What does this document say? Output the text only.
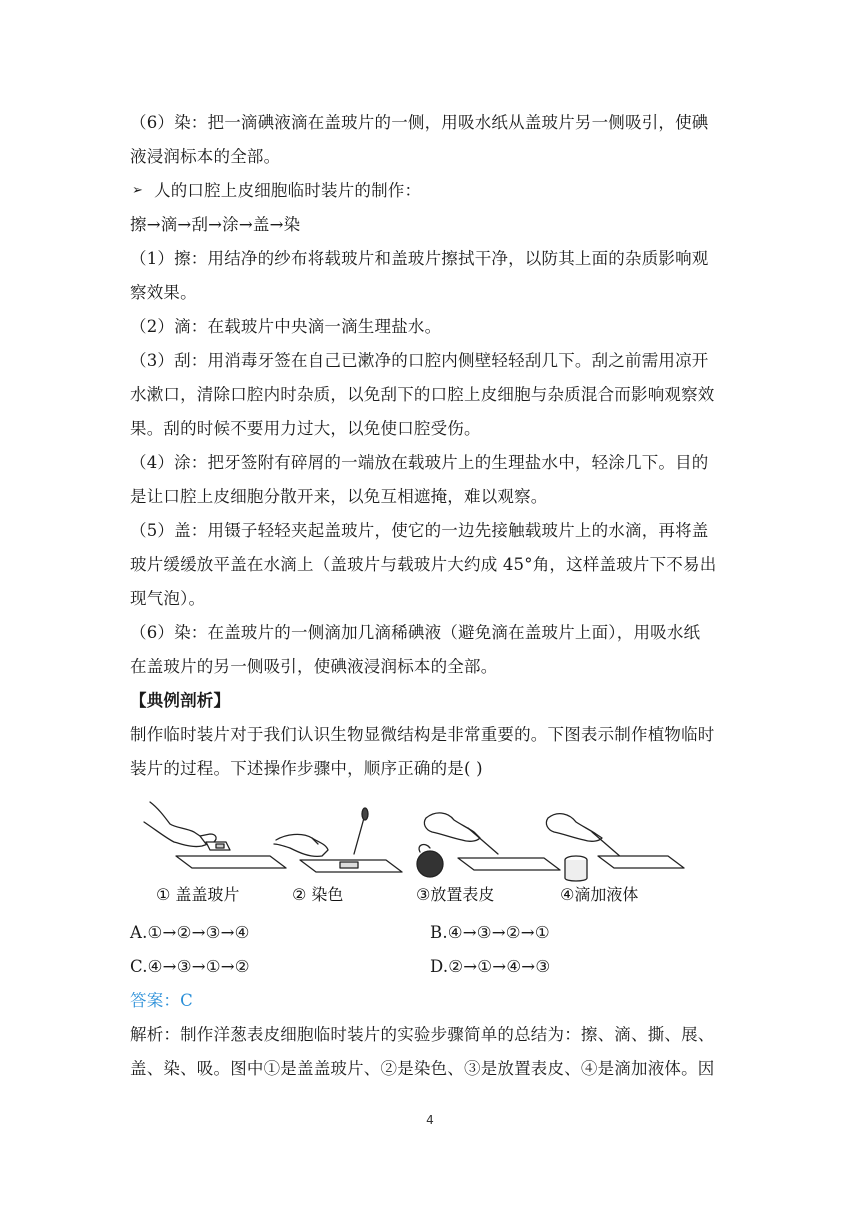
（6）染：把一滴碘液滴在盖玻片的一侧，用吸水纸从盖玻片另一侧吸引，使碘
液浸润标本的全部。
➢ 人的口腔上皮细胞临时装片的制作：
擦→滴→刮→涂→盖→染
（1）擦：用结净的纱布将载玻片和盖玻片擦拭干净，以防其上面的杂质影响观
察效果。
（2）滴：在载玻片中央滴一滴生理盐水。
（3）刮：用消毒牙签在自己已漱净的口腔内侧壁轻轻刮几下。刮之前需用凉开
水漱口，清除口腔内时杂质，以免刮下的口腔上皮细胞与杂质混合而影响观察效
果。刮的时候不要用力过大，以免使口腔受伤。
（4）涂：把牙签附有碎屑的一端放在载玻片上的生理盐水中，轻涂几下。目的
是让口腔上皮细胞分散开来，以免互相遮掩，难以观察。
（5）盖：用镊子轻轻夹起盖玻片，使它的一边先接触载玻片上的水滴，再将盖
玻片缓缓放平盖在水滴上（盖玻片与载玻片大约成 45°角，这样盖玻片下不易出
现气泡）。
（6）染：在盖玻片的一侧滴加几滴稀碘液（避免滴在盖玻片上面），用吸水纸
在盖玻片的另一侧吸引，使碘液浸润标本的全部。
【典例剖析】
制作临时装片对于我们认识生物显微结构是非常重要的。下图表示制作植物临时
装片的过程。下述操作步骤中，顺序正确的是( )
① 盖盖玻片	② 染色	③放置表皮	④滴加液体
A.①→②→③→④	B.④→③→②→①
C.④→③→①→②	D.②→①→④→③
答案：C
解析：制作洋葱表皮细胞临时装片的实验步骤简单的总结为：擦、滴、撕、展、
盖、染、吸。图中①是盖盖玻片、②是染色、③是放置表皮、④是滴加液体。因
4
